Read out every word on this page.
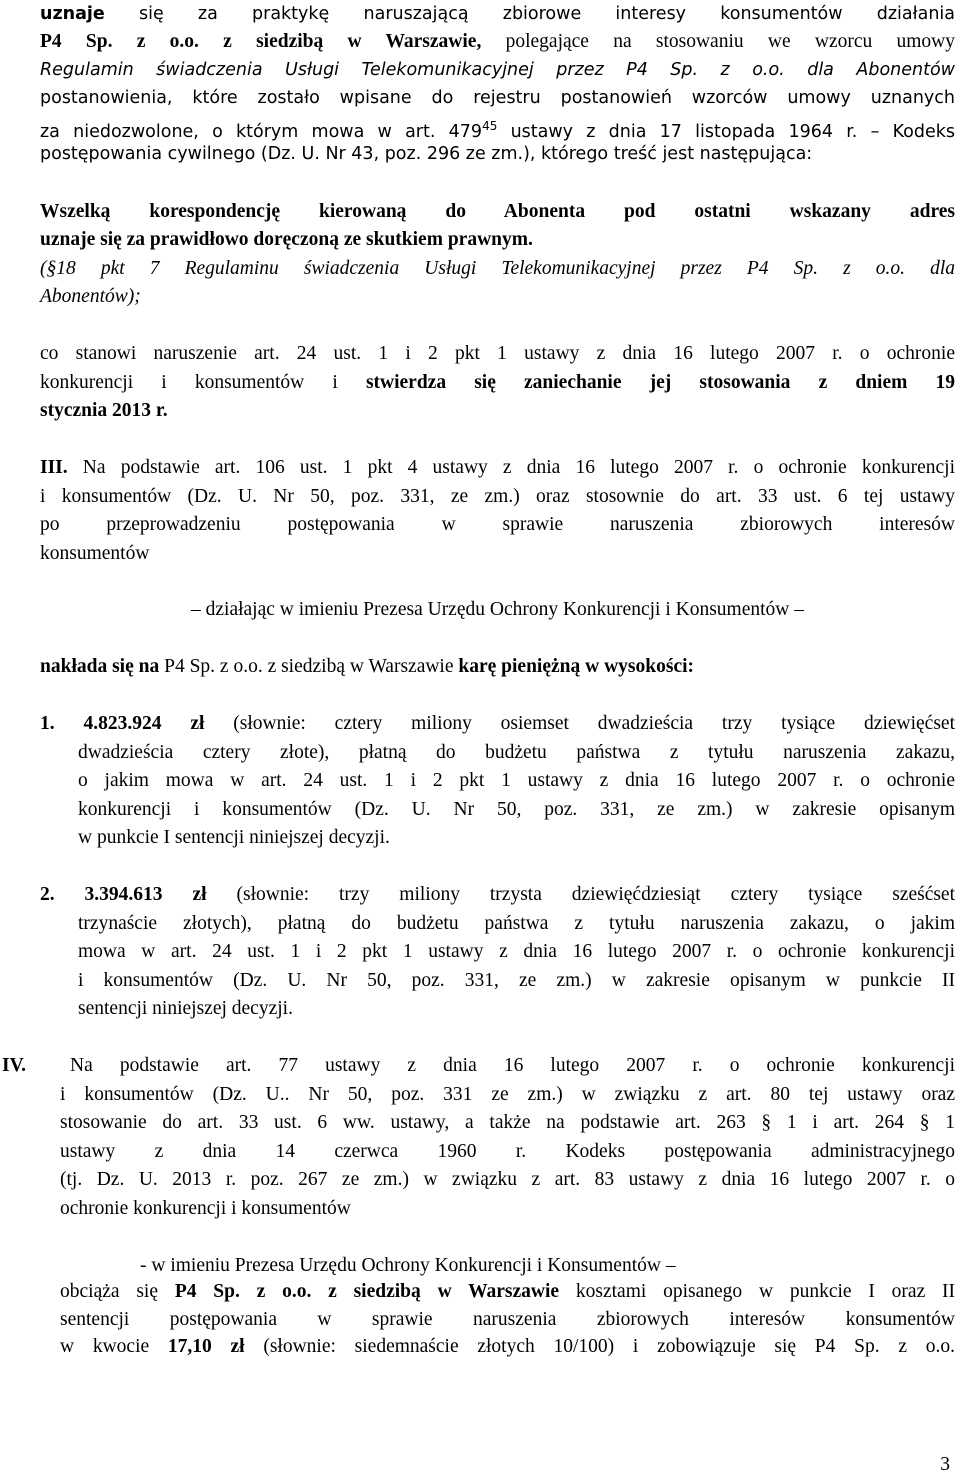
uznaje się za praktykę naruszającą zbiorowe interesy konsumentów działania
P4 Sp. z o.o. z siedzibą w Warszawie, polegające na stosowaniu we wzorcu umowy
Regulamin świadczenia Usługi Telekomunikacyjnej przez P4 Sp. z o.o. dla Abonentów
postanowienia, które zostało wpisane do rejestru postanowień wzorców umowy uznanych
za niedozwolone, o którym mowa w art. $479^{45}$ ustawy z dnia 17 listopada 1964 r. – Kodeks
postępowania cywilnego (Dz. U. Nr 43, poz. 296 ze zm.), którego treść jest następująca:
Wszelką korespondencję kierowaną do Abonenta pod ostatni wskazany adres
uznaje się za prawidłowo doręczoną ze skutkiem prawnym.
(§18 pkt 7 Regulaminu świadczenia Usługi Telekomunikacyjnej przez P4 Sp. z o.o. dla
Abonentów);
co stanowi naruszenie art. 24 ust. 1 i 2 pkt 1 ustawy z dnia 16 lutego 2007 r. o ochronie
konkurencji i konsumentów i stwierdza się zaniechanie jej stosowania z dniem 19
stycznia 2013 r.
III. Na podstawie art. 106 ust. 1 pkt 4 ustawy z dnia 16 lutego 2007 r. o ochronie konkurencji
i konsumentów (Dz. U. Nr 50, poz. 331, ze zm.) oraz stosownie do art. 33 ust. 6 tej ustawy
po przeprowadzeniu postępowania w sprawie naruszenia zbiorowych interesów
konsumentów
– działając w imieniu Prezesa Urzędu Ochrony Konkurencji i Konsumentów –
nakłada się na P4 Sp. z o.o. z siedzibą w Warszawie karę pieniężną w wysokości:
1. 4.823.924 zł (słownie: cztery miliony osiemset dwadzieścia trzy tysiące dziewięćset
dwadzieścia cztery złote), płatną do budżetu państwa z tytułu naruszenia zakazu,
o jakim mowa w art. 24 ust. 1 i 2 pkt 1 ustawy z dnia 16 lutego 2007 r. o ochronie
konkurencji i konsumentów (Dz. U. Nr 50, poz. 331, ze zm.) w zakresie opisanym
w punkcie I sentencji niniejszej decyzji.
2. 3.394.613 zł (słownie: trzy miliony trzysta dziewięćdziesiąt cztery tysiące sześćset
trzynaście złotych), płatną do budżetu państwa z tytułu naruszenia zakazu, o jakim
mowa w art. 24 ust. 1 i 2 pkt 1 ustawy z dnia 16 lutego 2007 r. o ochronie konkurencji
i konsumentów (Dz. U. Nr 50, poz. 331, ze zm.) w zakresie opisanym w punkcie II
sentencji niniejszej decyzji.
IV.	Na podstawie art. 77 ustawy z dnia 16 lutego 2007 r. o ochronie konkurencji
i konsumentów (Dz. U.. Nr 50, poz. 331 ze zm.) w związku z art. 80 tej ustawy oraz
stosowanie do art. 33 ust. 6 ww. ustawy, a także na podstawie art. 263 § 1 i art. 264 § 1
ustawy z dnia 14 czerwca 1960 r. Kodeks postępowania administracyjnego
(tj. Dz. U. 2013 r. poz. 267 ze zm.) w związku z art. 83 ustawy z dnia 16 lutego 2007 r. o
ochronie konkurencji i konsumentów
- w imieniu Prezesa Urzędu Ochrony Konkurencji i Konsumentów –
obciąża się P4 Sp. z o.o. z siedzibą w Warszawie kosztami opisanego w punkcie I oraz II
sentencji postępowania w sprawie naruszenia zbiorowych interesów konsumentów
w kwocie 17,10 zł (słownie: siedemnaście złotych 10/100) i zobowiązuje się P4 Sp. z o.o.
3
